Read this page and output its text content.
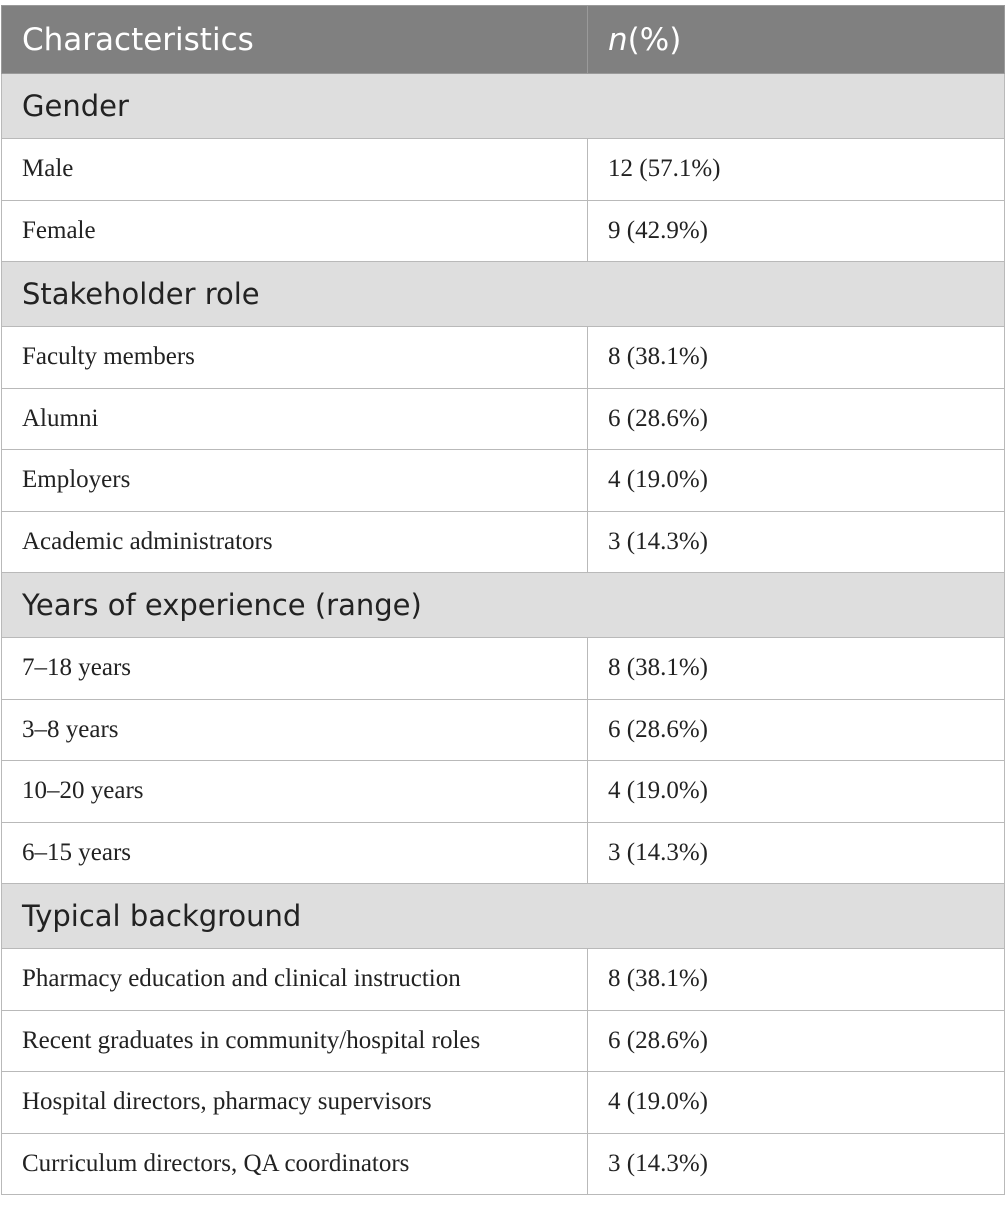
Characteristics	n(%)
Gender	
Male	12 (57.1%)
Female	9 (42.9%)
Stakeholder role	
Faculty members	8 (38.1%)
Alumni	6 (28.6%)
Employers	4 (19.0%)
Academic administrators	3 (14.3%)
Years of experience (range)	
7–18 years	8 (38.1%)
3–8 years	6 (28.6%)
10–20 years	4 (19.0%)
6–15 years	3 (14.3%)
Typical background	
Pharmacy education and clinical instruction	8 (38.1%)
Recent graduates in community/hospital roles	6 (28.6%)
Hospital directors, pharmacy supervisors	4 (19.0%)
Curriculum directors, QA coordinators	3 (14.3%)
